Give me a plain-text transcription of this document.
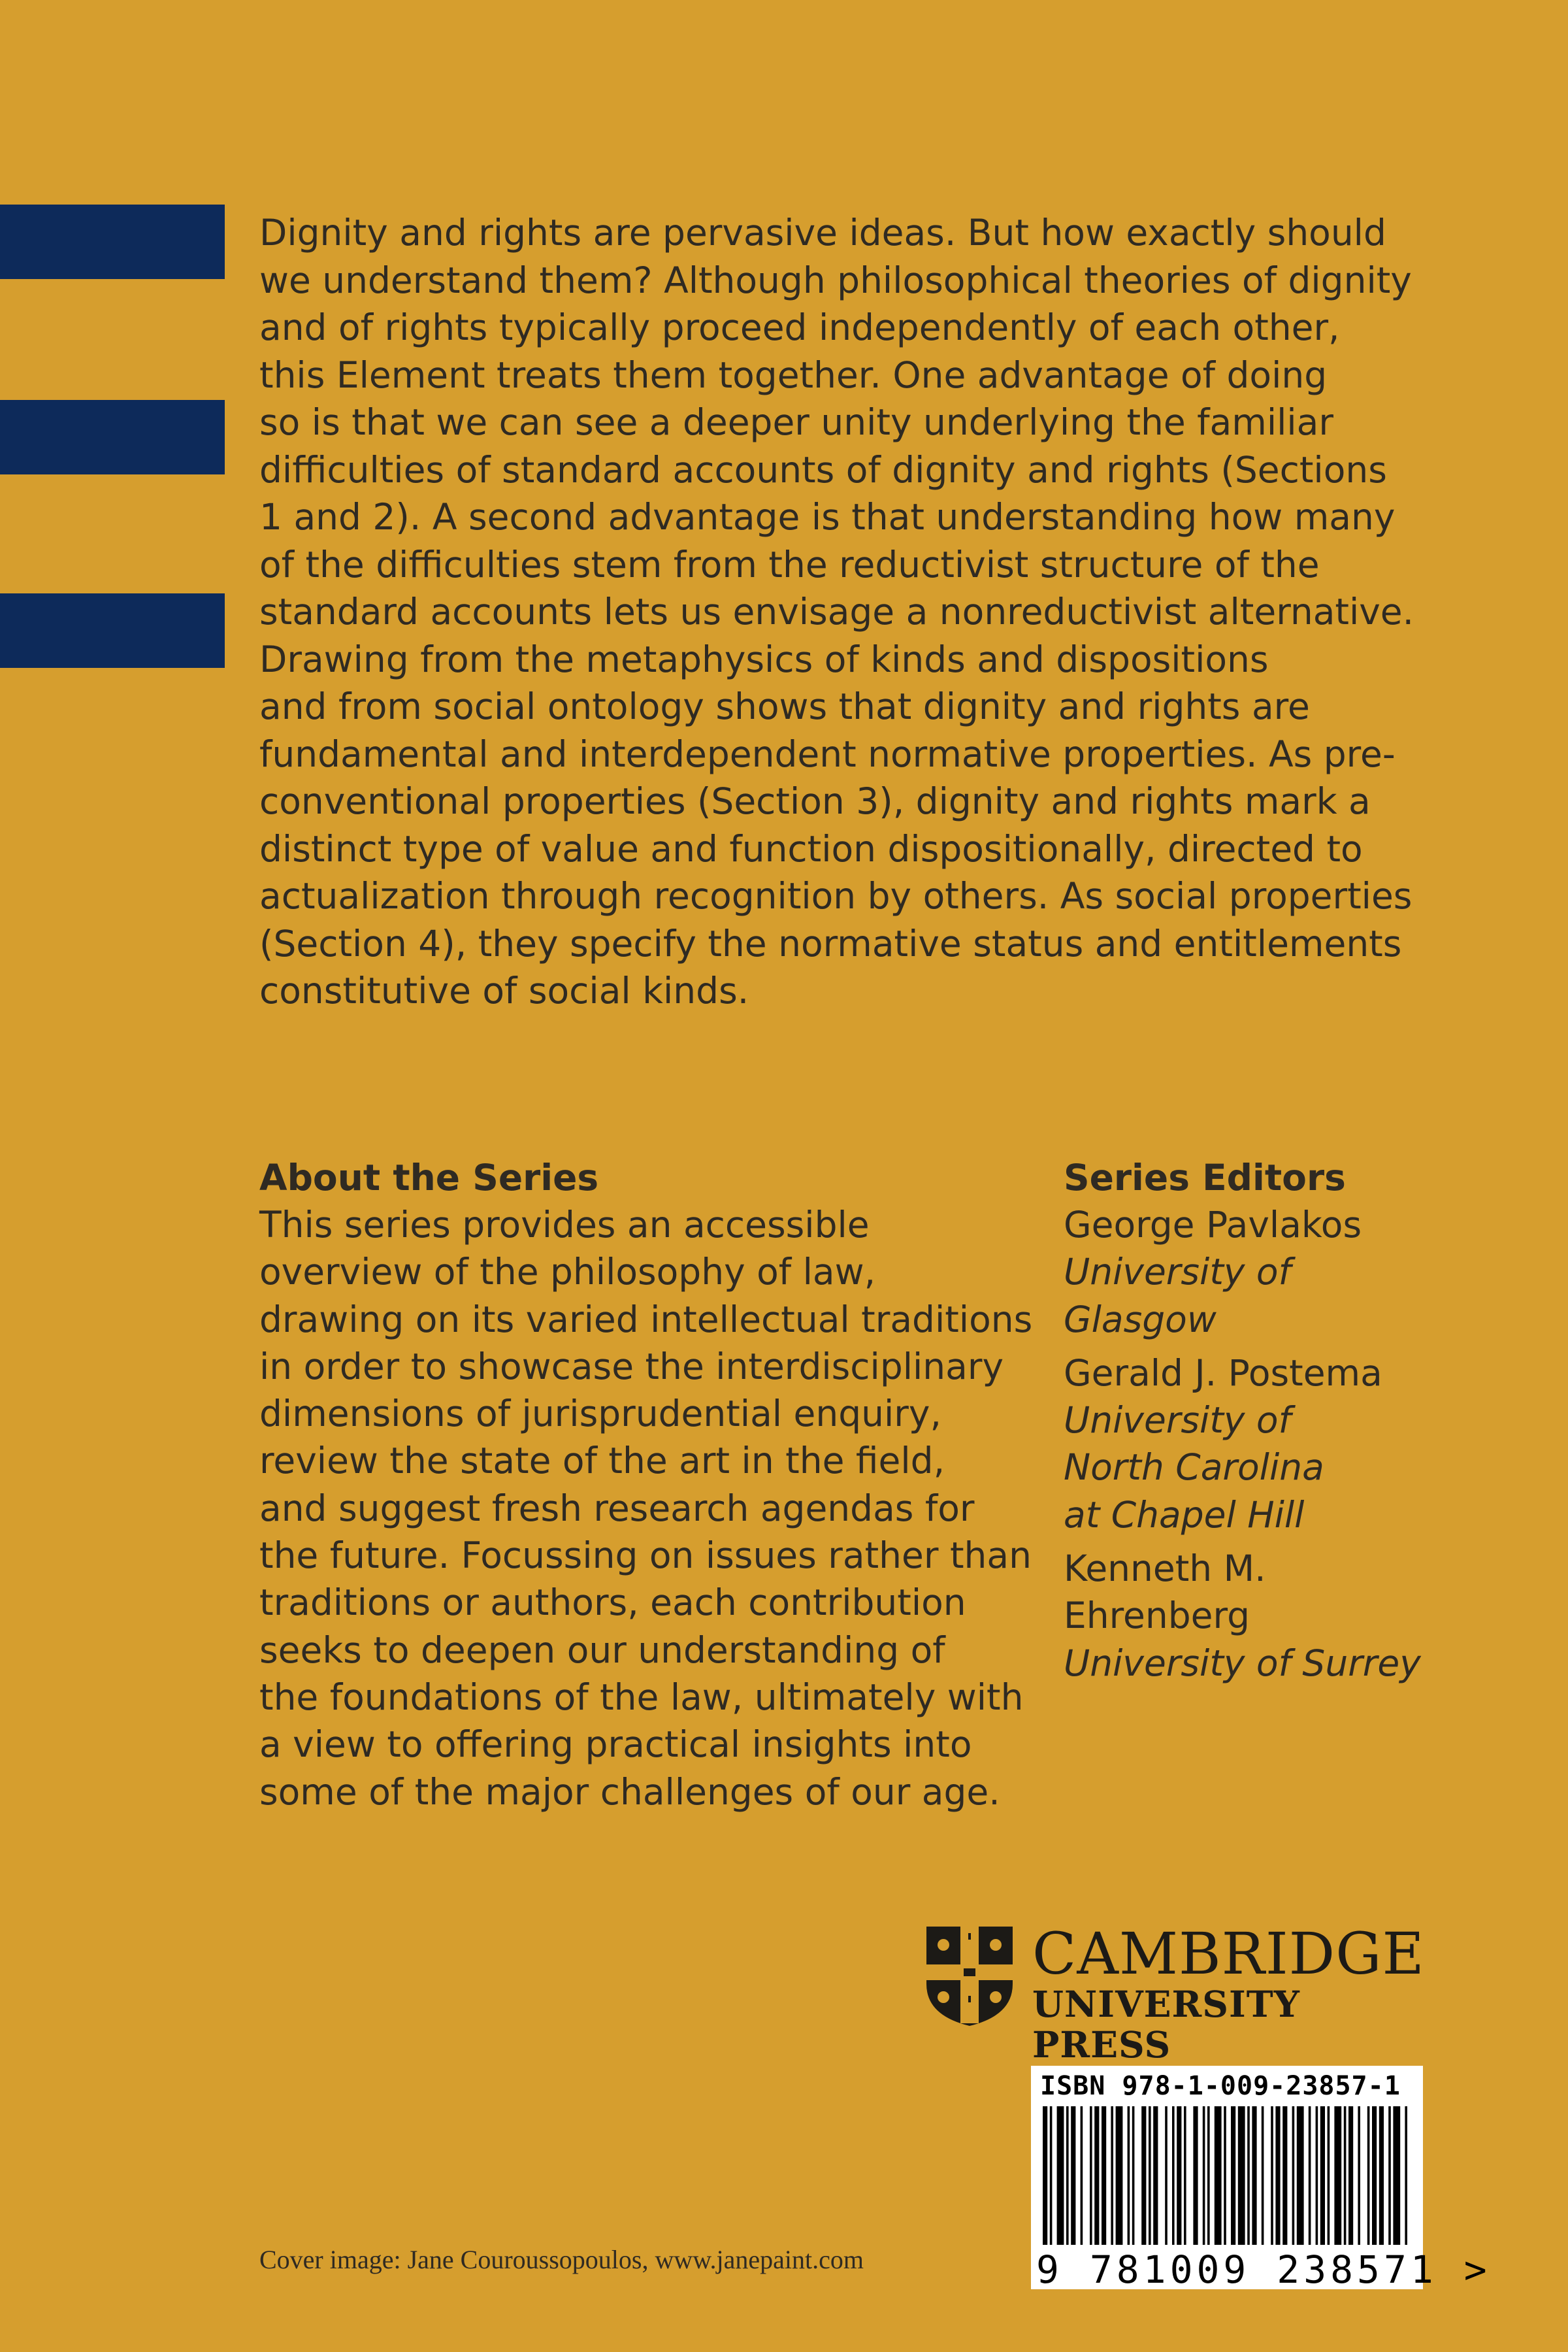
Dignity and rights are pervasive ideas. But how exactly should
we understand them? Although philosophical theories of dignity
and of rights typically proceed independently of each other,
this Element treats them together. One advantage of doing
so is that we can see a deeper unity underlying the familiar
difficulties of standard accounts of dignity and rights (Sections
1 and 2). A second advantage is that understanding how many
of the difficulties stem from the reductivist structure of the
standard accounts lets us envisage a nonreductivist alternative.
Drawing from the metaphysics of kinds and dispositions
and from social ontology shows that dignity and rights are
fundamental and interdependent normative properties. As pre-
conventional properties (Section 3), dignity and rights mark a
distinct type of value and function dispositionally, directed to
actualization through recognition by others. As social properties
(Section 4), they specify the normative status and entitlements
constitutive of social kinds.

About the Series
This series provides an accessible
overview of the philosophy of law,
drawing on its varied intellectual traditions
in order to showcase the interdisciplinary
dimensions of jurisprudential enquiry,
review the state of the art in the field,
and suggest fresh research agendas for
the future. Focussing on issues rather than
traditions or authors, each contribution
seeks to deepen our understanding of
the foundations of the law, ultimately with
a view to offering practical insights into
some of the major challenges of our age.
Series Editors
George Pavlakos
University of
Glasgow
Gerald J. Postema
University of
North Carolina
at Chapel Hill
Kenneth M.
Ehrenberg
University of Surrey
CAMBRIDGE
UNIVERSITY PRESS
ISBN 978-1-009-23857-1
9 781009 238571 >
Cover image: Jane Couroussopoulos, www.janepaint.com
